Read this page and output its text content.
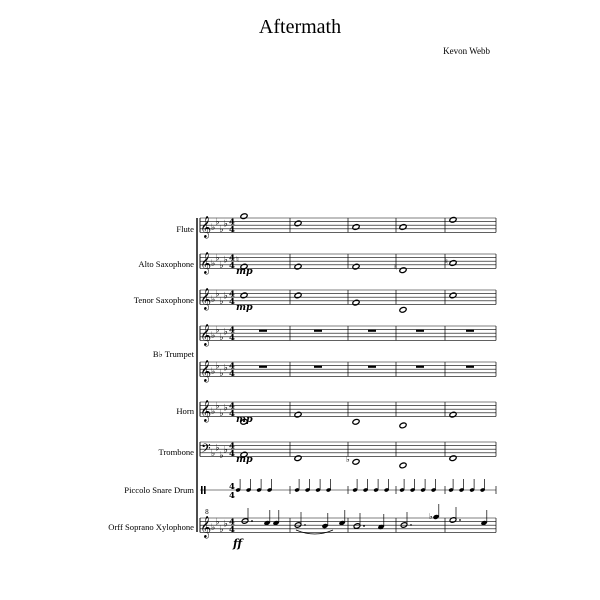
Aftermath
Kevon Webb
Flute
Alto Saxophone
Tenor Saxophone
B♭ Trumpet
Horn
Trombone
Piccolo Snare Drum
Orff Soprano Xylophone
𝄞 ♭
♭
♭
♭ 4
4
𝄞 ♭
♭
♭
♭ 4
4
𝄞 ♭
♭
♭
♭ 4
4
𝄞 ♭
♭
♭
♭ 4
4
𝄞 ♭
♭
♭
♭ 4
4
𝄞 ♭
♭
♭
♭ 4
4
𝄢 ♭
♭
♭
♭ 4
4
♮
♮
♮
♭
4
4
𝄞 ♭
♭
♭
♭ 4
4
8	♭
mp
mp
mp
mp
ff
